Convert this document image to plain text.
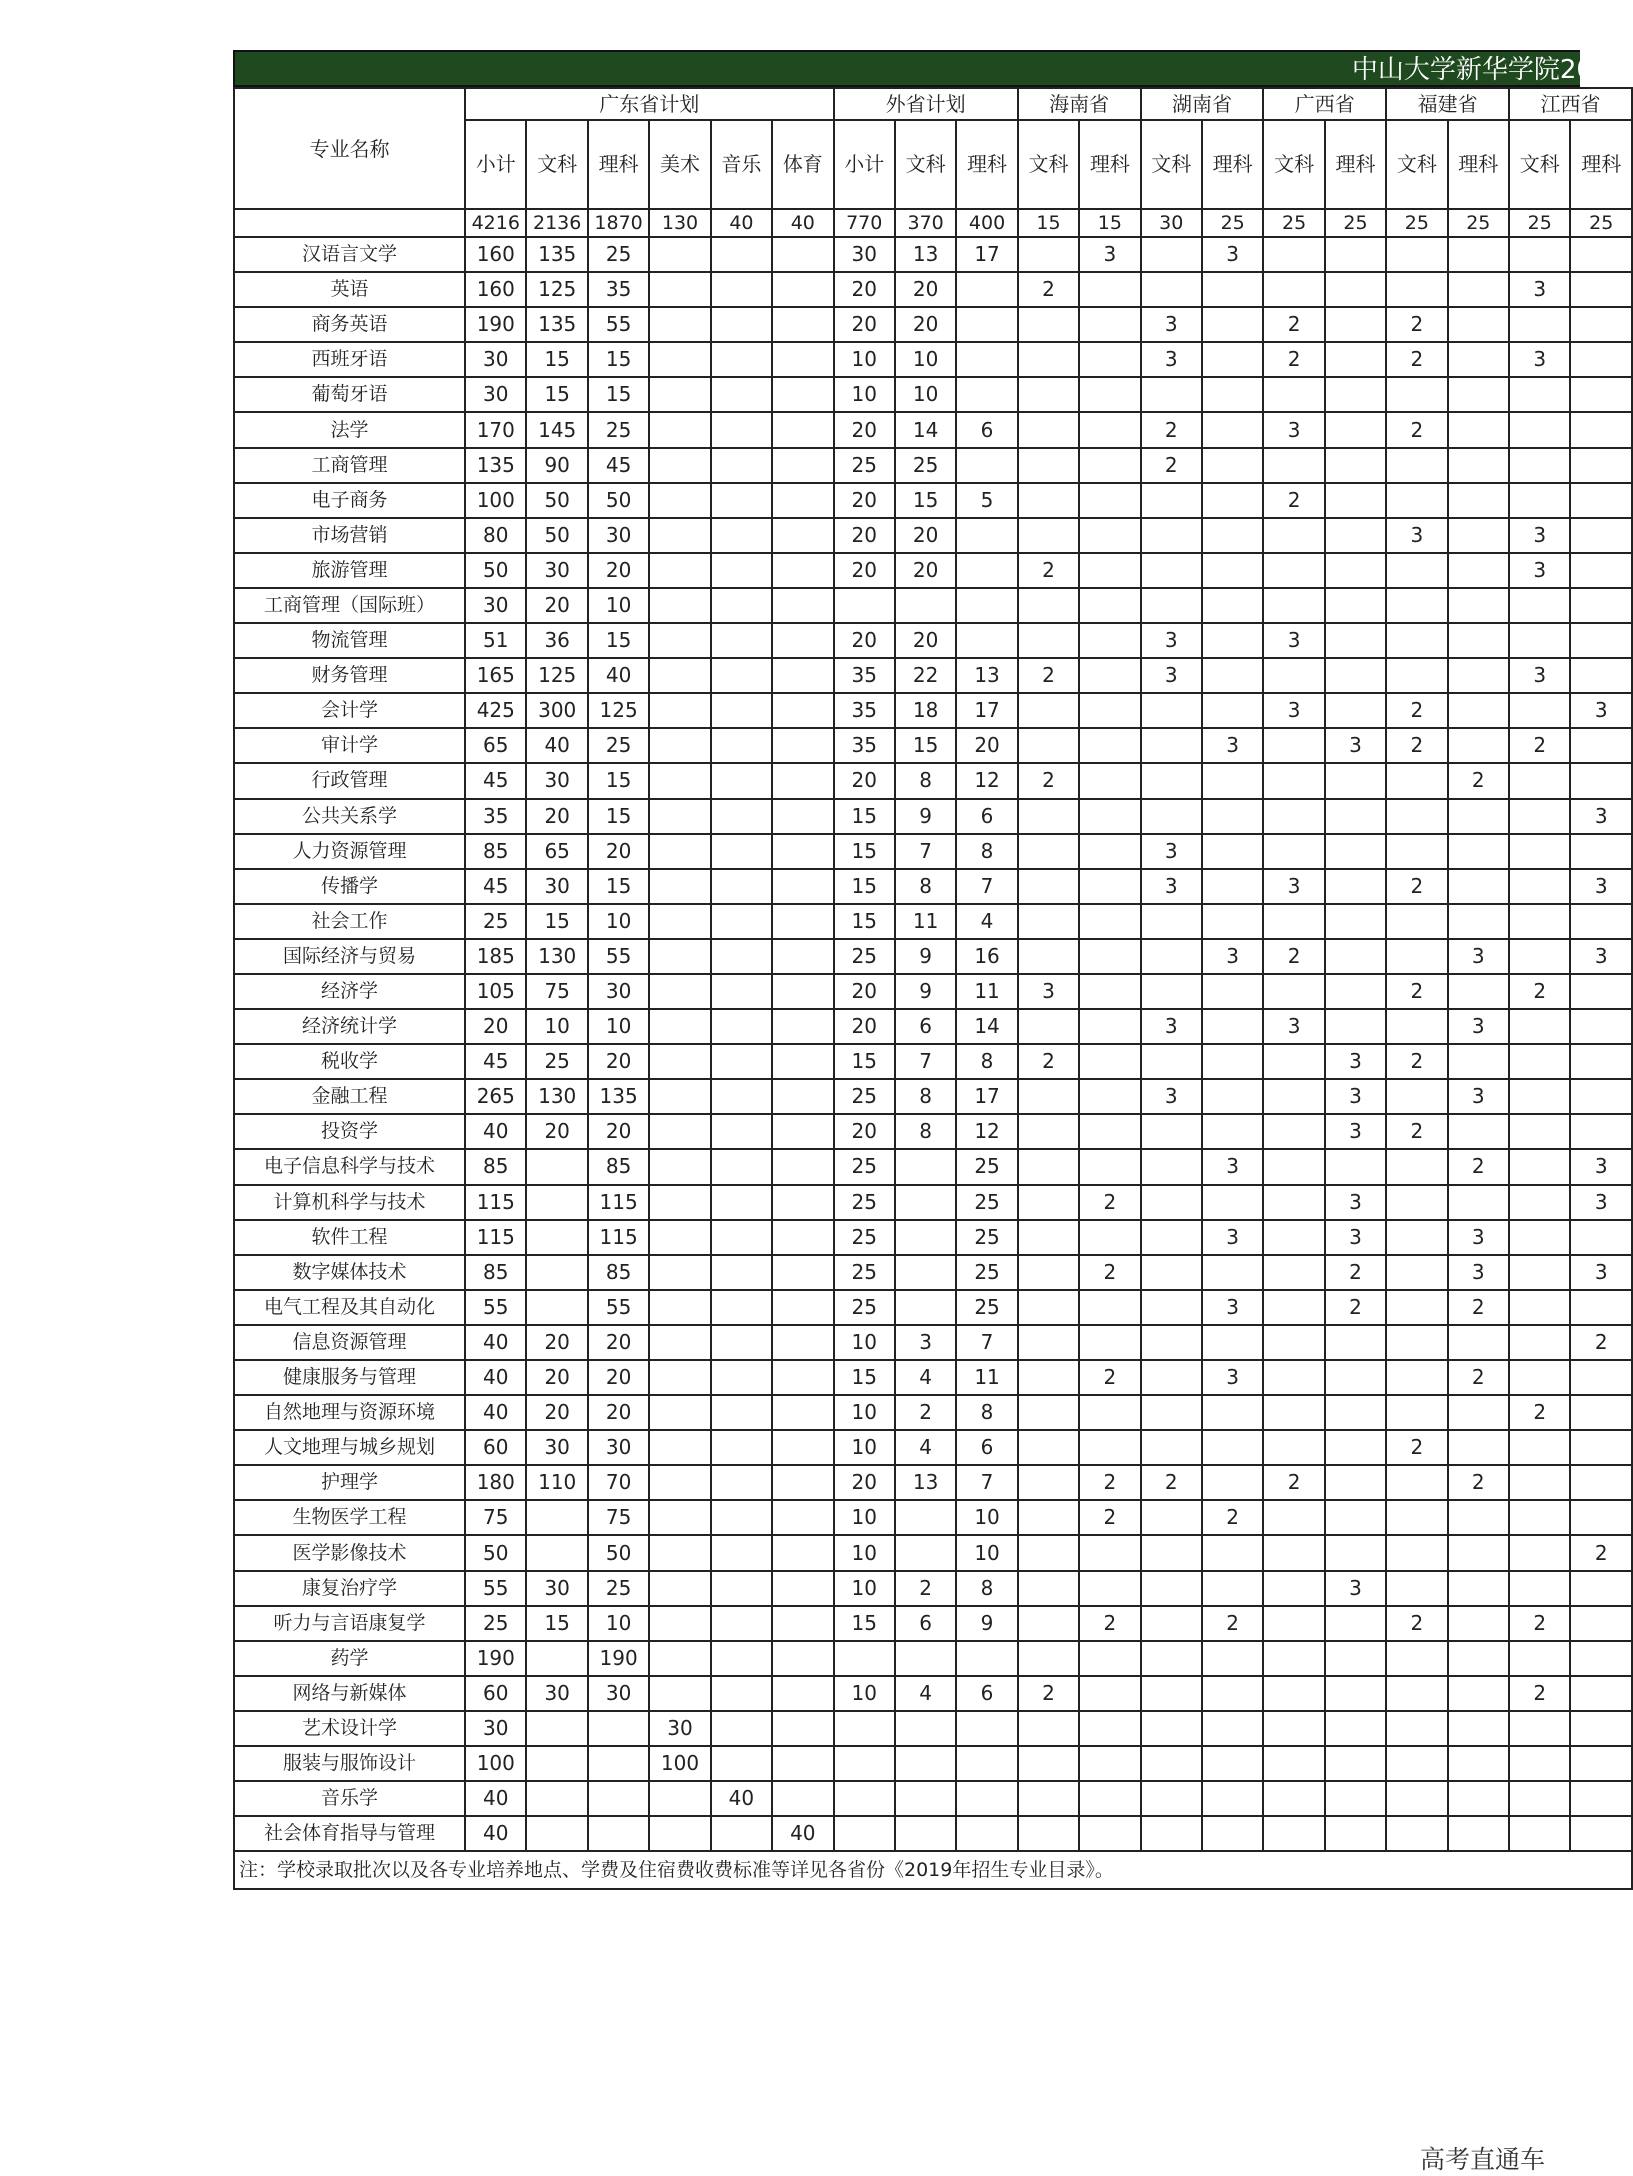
中山大学新华学院2019
专业名称	广东省计划						外省计划			海南省		湖南省		广西省		福建省		江西省	
	小计	文科	理科	美术	音乐	体育	小计	文科	理科	文科	理科	文科	理科	文科	理科	文科	理科	文科	理科
	4216	2136	1870	130	40	40	770	370	400	15	15	30	25	25	25	25	25	25	25
汉语言文学	160	135	25				30	13	17		3		3						
英语	160	125	35				20	20		2								3	
商务英语	190	135	55				20	20				3		2		2			
西班牙语	30	15	15				10	10				3		2		2		3	
葡萄牙语	30	15	15				10	10											
法学	170	145	25				20	14	6			2		3		2			
工商管理	135	90	45				25	25				2							
电子商务	100	50	50				20	15	5					2					
市场营销	80	50	30				20	20								3		3	
旅游管理	50	30	20				20	20		2								3	
工商管理（国际班）	30	20	10																
物流管理	51	36	15				20	20				3		3					
财务管理	165	125	40				35	22	13	2		3						3	
会计学	425	300	125				35	18	17					3		2			3
审计学	65	40	25				35	15	20				3		3	2		2	
行政管理	45	30	15				20	8	12	2							2		
公共关系学	35	20	15				15	9	6										3
人力资源管理	85	65	20				15	7	8			3							
传播学	45	30	15				15	8	7			3		3		2			3
社会工作	25	15	10				15	11	4										
国际经济与贸易	185	130	55				25	9	16				3	2			3		3
经济学	105	75	30				20	9	11	3						2		2	
经济统计学	20	10	10				20	6	14			3		3			3		
税收学	45	25	20				15	7	8	2					3	2			
金融工程	265	130	135				25	8	17			3			3		3		
投资学	40	20	20				20	8	12						3	2			
电子信息科学与技术	85		85				25		25				3				2		3
计算机科学与技术	115		115				25		25		2				3				3
软件工程	115		115				25		25				3		3		3		
数字媒体技术	85		85				25		25		2				2		3		3
电气工程及其自动化	55		55				25		25				3		2		2		
信息资源管理	40	20	20				10	3	7										2
健康服务与管理	40	20	20				15	4	11		2		3				2		
自然地理与资源环境	40	20	20				10	2	8									2	
人文地理与城乡规划	60	30	30				10	4	6							2			
护理学	180	110	70				20	13	7		2	2		2			2		
生物医学工程	75		75				10		10		2		2						
医学影像技术	50		50				10		10										2
康复治疗学	55	30	25				10	2	8						3				
听力与言语康复学	25	15	10				15	6	9		2		2			2		2	
药学	190		190																
网络与新媒体	60	30	30				10	4	6	2								2	
艺术设计学	30			30															
服装与服饰设计	100			100															
音乐学	40				40														
社会体育指导与管理	40					40													
注：学校录取批次以及各专业培养地点、学费及住宿费收费标准等详见各省份《2019年招生专业目录》。																			
高考直通车
